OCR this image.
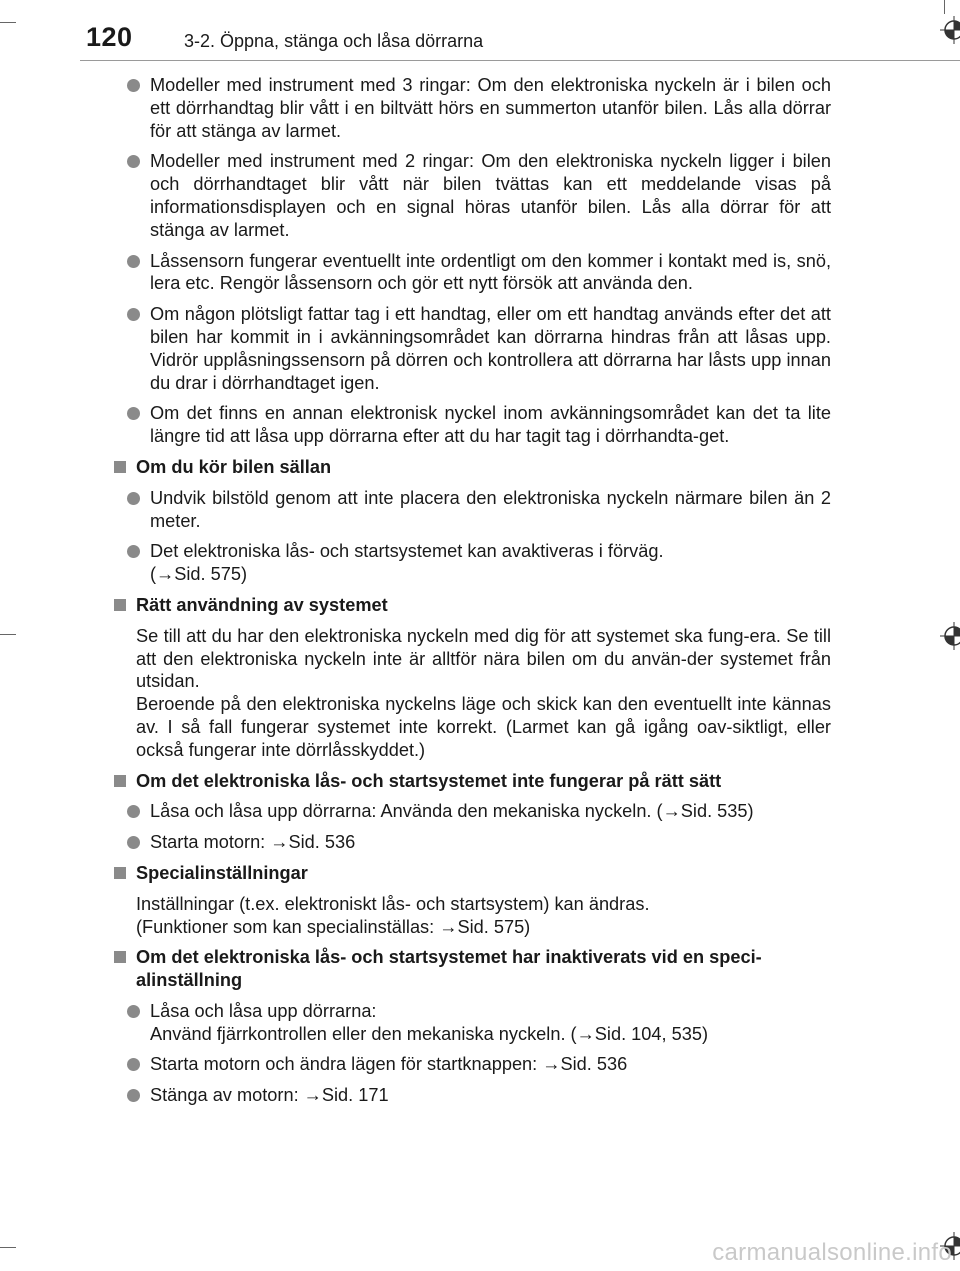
120	3-2. Öppna, stänga och låsa dörrarna
Modeller med instrument med 3 ringar: Om den elektroniska nyckeln är i bilen och ett dörrhandtag blir vått i en biltvätt hörs en summerton utanför bilen. Lås alla dörrar för att stänga av larmet.
Modeller med instrument med 2 ringar: Om den elektroniska nyckeln ligger i bilen och dörrhandtaget blir vått när bilen tvättas kan ett meddelande visas på informationsdisplayen och en signal höras utanför bilen. Lås alla dörrar för att stänga av larmet.
Låssensorn fungerar eventuellt inte ordentligt om den kommer i kontakt med is, snö, lera etc. Rengör låssensorn och gör ett nytt försök att använda den.
Om någon plötsligt fattar tag i ett handtag, eller om ett handtag används efter det att bilen har kommit in i avkänningsområdet kan dörrarna hindras från att låsas upp. Vidrör upplåsningssensorn på dörren och kontrollera att dörrarna har låsts upp innan du drar i dörrhandtaget igen.
Om det finns en annan elektronisk nyckel inom avkänningsområdet kan det ta lite längre tid att låsa upp dörrarna efter att du har tagit tag i dörrhandta-get.
Om du kör bilen sällan
Undvik bilstöld genom att inte placera den elektroniska nyckeln närmare bilen än 2 meter.
Det elektroniska lås- och startsystemet kan avaktiveras i förväg.
(→Sid. 575)
Rätt användning av systemet
Se till att du har den elektroniska nyckeln med dig för att systemet ska fung-era. Se till att den elektroniska nyckeln inte är alltför nära bilen om du använ-der systemet från utsidan.
Beroende på den elektroniska nyckelns läge och skick kan den eventuellt inte kännas av. I så fall fungerar systemet inte korrekt. (Larmet kan gå igång oav-siktligt, eller också fungerar inte dörrlåsskyddet.)
Om det elektroniska lås- och startsystemet inte fungerar på rätt sätt
Låsa och låsa upp dörrarna: Använda den mekaniska nyckeln. (→Sid. 535)
Starta motorn: →Sid. 536
Specialinställningar
Inställningar (t.ex. elektroniskt lås- och startsystem) kan ändras.
(Funktioner som kan specialinställas: →Sid. 575)
Om det elektroniska lås- och startsystemet har inaktiverats vid en speci-alinställning
Låsa och låsa upp dörrarna:
Använd fjärrkontrollen eller den mekaniska nyckeln. (→Sid. 104, 535)
Starta motorn och ändra lägen för startknappen: →Sid. 536
Stänga av motorn: →Sid. 171
carmanualsonline.info
